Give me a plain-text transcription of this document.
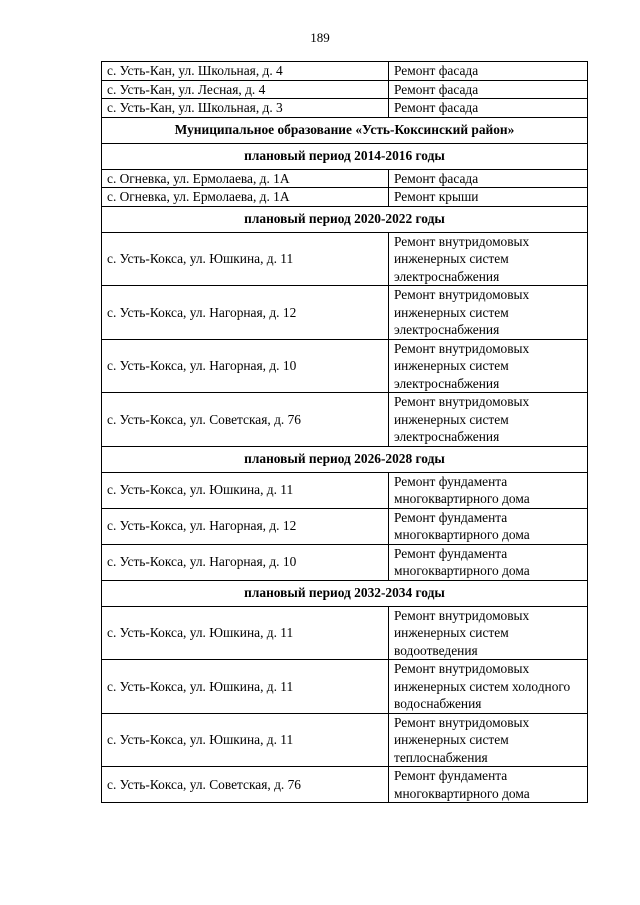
189
с. Усть-Кан, ул. Школьная, д. 4	Ремонт фасада
с. Усть-Кан, ул. Лесная, д. 4	Ремонт фасада
с. Усть-Кан, ул. Школьная, д. 3	Ремонт фасада
Муниципальное образование «Усть-Коксинский район»	
плановый период 2014-2016 годы	
с. Огневка, ул. Ермолаева, д. 1А	Ремонт фасада
с. Огневка, ул. Ермолаева, д. 1А	Ремонт крыши
плановый период 2020-2022 годы	
с. Усть-Кокса, ул. Юшкина, д. 11	Ремонт внутридомовых инженерных систем электроснабжения
с. Усть-Кокса, ул. Нагорная, д. 12	Ремонт внутридомовых инженерных систем электроснабжения
с. Усть-Кокса, ул. Нагорная, д. 10	Ремонт внутридомовых инженерных систем электроснабжения
с. Усть-Кокса, ул. Советская, д. 76	Ремонт внутридомовых инженерных систем электроснабжения
плановый период 2026-2028 годы	
с. Усть-Кокса, ул. Юшкина, д. 11	Ремонт фундамента многоквартирного дома
с. Усть-Кокса, ул. Нагорная, д. 12	Ремонт фундамента многоквартирного дома
с. Усть-Кокса, ул. Нагорная, д. 10	Ремонт фундамента многоквартирного дома
плановый период 2032-2034 годы	
с. Усть-Кокса, ул. Юшкина, д. 11	Ремонт внутридомовых инженерных систем водоотведения
с. Усть-Кокса, ул. Юшкина, д. 11	Ремонт внутридомовых инженерных систем холодного водоснабжения
с. Усть-Кокса, ул. Юшкина, д. 11	Ремонт внутридомовых инженерных систем теплоснабжения
с. Усть-Кокса, ул. Советская, д. 76	Ремонт фундамента многоквартирного дома
